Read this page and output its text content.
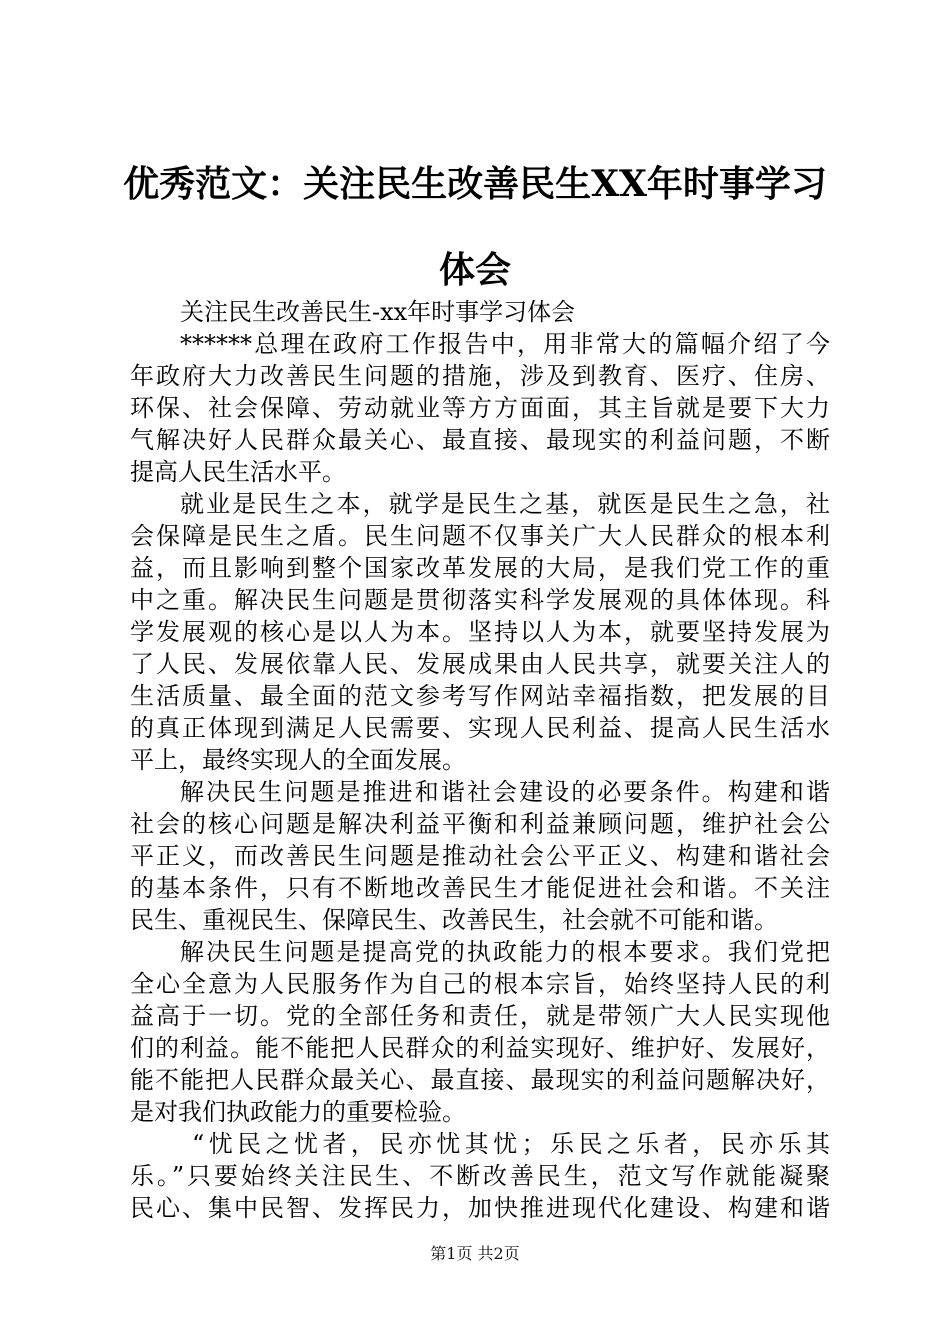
优秀范文：关注民生改善民生XX年时事学习
体会
关注民生改善民生-xx年时事学习体会
******总理在政府工作报告中，用非常大的篇幅介绍了今
年政府大力改善民生问题的措施，涉及到教育、医疗、住房、
环保、社会保障、劳动就业等方方面面，其主旨就是要下大力
气解决好人民群众最关心、最直接、最现实的利益问题，不断
提高人民生活水平。
就业是民生之本，就学是民生之基，就医是民生之急，社
会保障是民生之盾。民生问题不仅事关广大人民群众的根本利
益，而且影响到整个国家改革发展的大局，是我们党工作的重
中之重。解决民生问题是贯彻落实科学发展观的具体体现。科
学发展观的核心是以人为本。坚持以人为本，就要坚持发展为
了人民、发展依靠人民、发展成果由人民共享，就要关注人的
生活质量、最全面的范文参考写作网站幸福指数，把发展的目
的真正体现到满足人民需要、实现人民利益、提高人民生活水
平上，最终实现人的全面发展。
解决民生问题是推进和谐社会建设的必要条件。构建和谐
社会的核心问题是解决利益平衡和利益兼顾问题，维护社会公
平正义，而改善民生问题是推动社会公平正义、构建和谐社会
的基本条件，只有不断地改善民生才能促进社会和谐。不关注
民生、重视民生、保障民生、改善民生，社会就不可能和谐。
解决民生问题是提高党的执政能力的根本要求。我们党把
全心全意为人民服务作为自己的根本宗旨，始终坚持人民的利
益高于一切。党的全部任务和责任，就是带领广大人民实现他
们的利益。能不能把人民群众的利益实现好、维护好、发展好，
能不能把人民群众最关心、最直接、最现实的利益问题解决好，
是对我们执政能力的重要检验。
“忧民之忧者，民亦忧其忧；乐民之乐者，民亦乐其
乐。”只要始终关注民生、不断改善民生，范文写作就能凝聚
民心、集中民智、发挥民力，加快推进现代化建设、构建和谐
第1页 共2页
